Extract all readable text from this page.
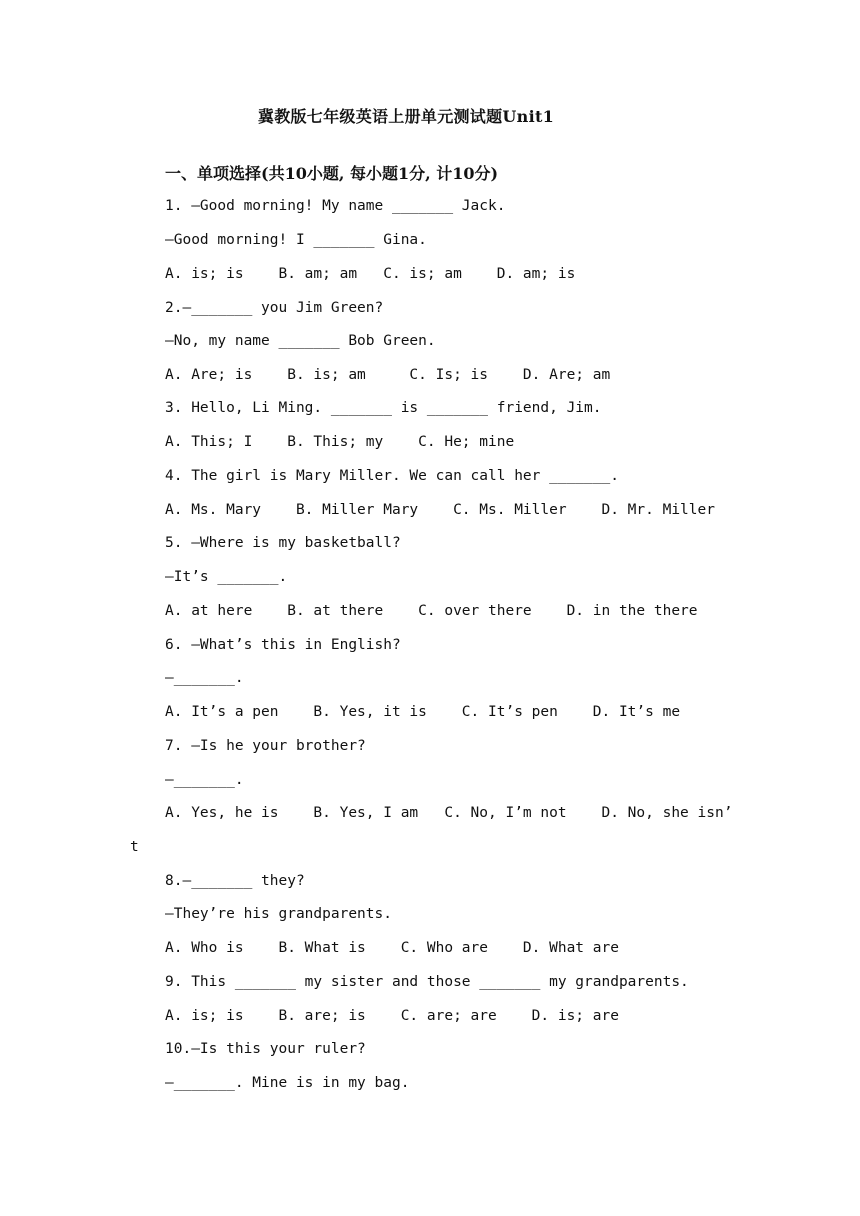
冀教版七年级英语上册单元测试题Unit1
一、单项选择(共10小题, 每小题1分, 计10分)
1. —Good morning! My name _______ Jack.
—Good morning! I _______ Gina.
A. is; is    B. am; am   C. is; am    D. am; is
2.—_______ you Jim Green?
—No, my name _______ Bob Green.
A. Are; is    B. is; am     C. Is; is    D. Are; am
3. Hello, Li Ming. _______ is _______ friend, Jim.
A. This; I    B. This; my    C. He; mine
4. The girl is Mary Miller. We can call her _______.
A. Ms. Mary    B. Miller Mary    C. Ms. Miller    D. Mr. Miller
5. —Where is my basketball?
—It’s _______.
A. at here    B. at there    C. over there    D. in the there
6. —What’s this in English?
—_______.
A. It’s a pen    B. Yes, it is    C. It’s pen    D. It’s me
7. —Is he your brother?
—_______.
A. Yes, he is    B. Yes, I am   C. No, I’m not    D. No, she isn’
t
8.—_______ they?
—They’re his grandparents.
A. Who is    B. What is    C. Who are    D. What are
9. This _______ my sister and those _______ my grandparents.
A. is; is    B. are; is    C. are; are    D. is; are
10.—Is this your ruler?
—_______. Mine is in my bag.
